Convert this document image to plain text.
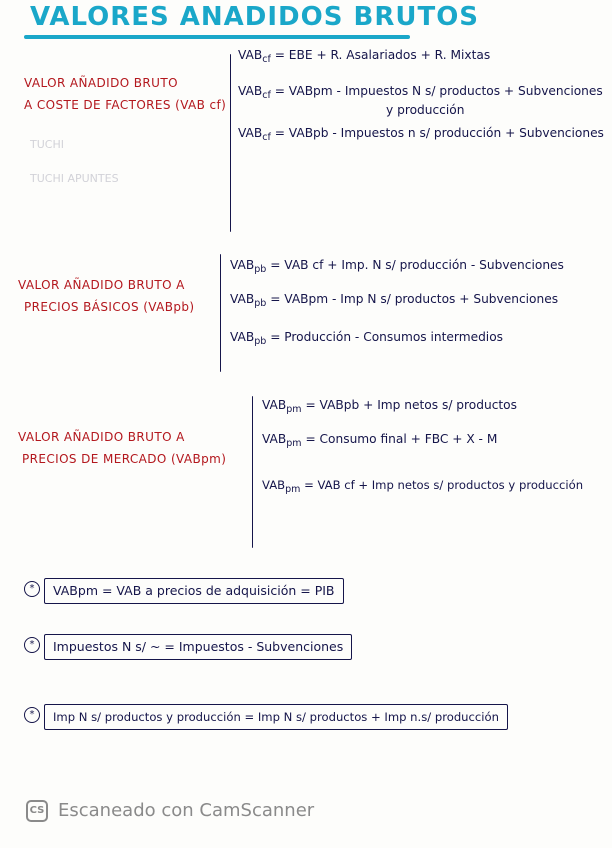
VALORES ANADIDOS BRUTOS
VALOR AÑADIDO BRUTO
A COSTE DE FACTORES (VAB cf)
TUCHI
TUCHI APUNTES
$VAB_{cf}$ = EBE + R. Asalariados + R. Mixtas
$VAB_{cf}$ = VABpm - Impuestos N s/ productos + Subvenciones
y producción
$VAB_{cf}$ = VABpb - Impuestos n s/ producción + Subvenciones
VALOR AÑADIDO BRUTO A
PRECIOS BÁSICOS (VABpb)
$VAB_{pb}$ = VAB cf + Imp. N s/ producción - Subvenciones
$VAB_{pb}$ = VABpm - Imp N s/ productos + Subvenciones
$VAB_{pb}$ = Producción - Consumos intermedios
VALOR AÑADIDO BRUTO A
PRECIOS DE MERCADO (VABpm)
$VAB_{pm}$ = VABpb + Imp netos s/ productos
$VAB_{pm}$ = Consumo final + FBC + X - M
$VAB_{pm}$ = VAB cf + Imp netos s/ productos y producción
*	VABpm = VAB a precios de adquisición = PIB
*	Impuestos N s/ ~ = Impuestos - Subvenciones
*	Imp N s/ productos y producción = Imp N s/ productos + Imp n.s/ producción
CS Escaneado con CamScanner
